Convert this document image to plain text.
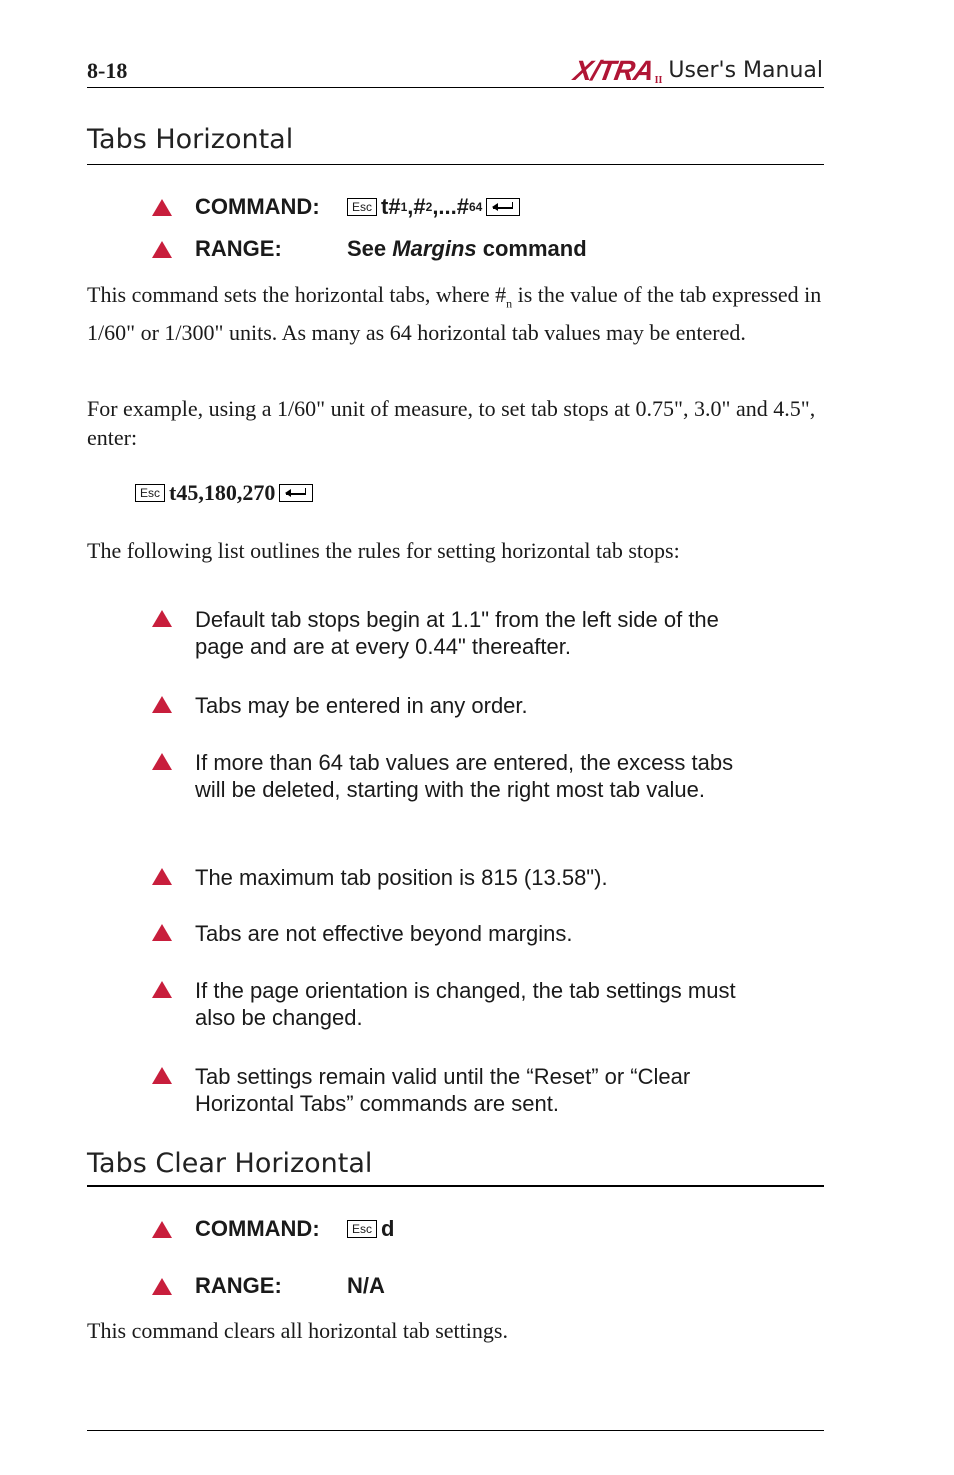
8-18	X/TRA II User's Manual
Tabs Horizontal
COMMAND:	Esc t# 1 ,# 2 ,...# 64
RANGE:	See Margins command
This command sets the horizontal tabs, where $\#_n$ is the value of the tab expressed in 1/60" or 1/300" units. As many as 64 horizontal tab values may be entered.
For example, using a 1/60" unit of measure, to set tab stops at 0.75", 3.0" and 4.5", enter:
Esc t45,180,270
The following list outlines the rules for setting horizontal tab stops:
Default tab stops begin at 1.1" from the left side of the page and are at every 0.44" thereafter.
Tabs may be entered in any order.
If more than 64 tab values are entered, the excess tabs will be deleted, starting with the right most tab value.
The maximum tab position is 815 (13.58").
Tabs are not effective beyond margins.
If the page orientation is changed, the tab settings must also be changed.
Tab settings remain valid until the “Reset” or “Clear Horizontal Tabs” commands are sent.
Tabs Clear Horizontal
COMMAND:	Esc d
RANGE:	N/A
This command clears all horizontal tab settings.
